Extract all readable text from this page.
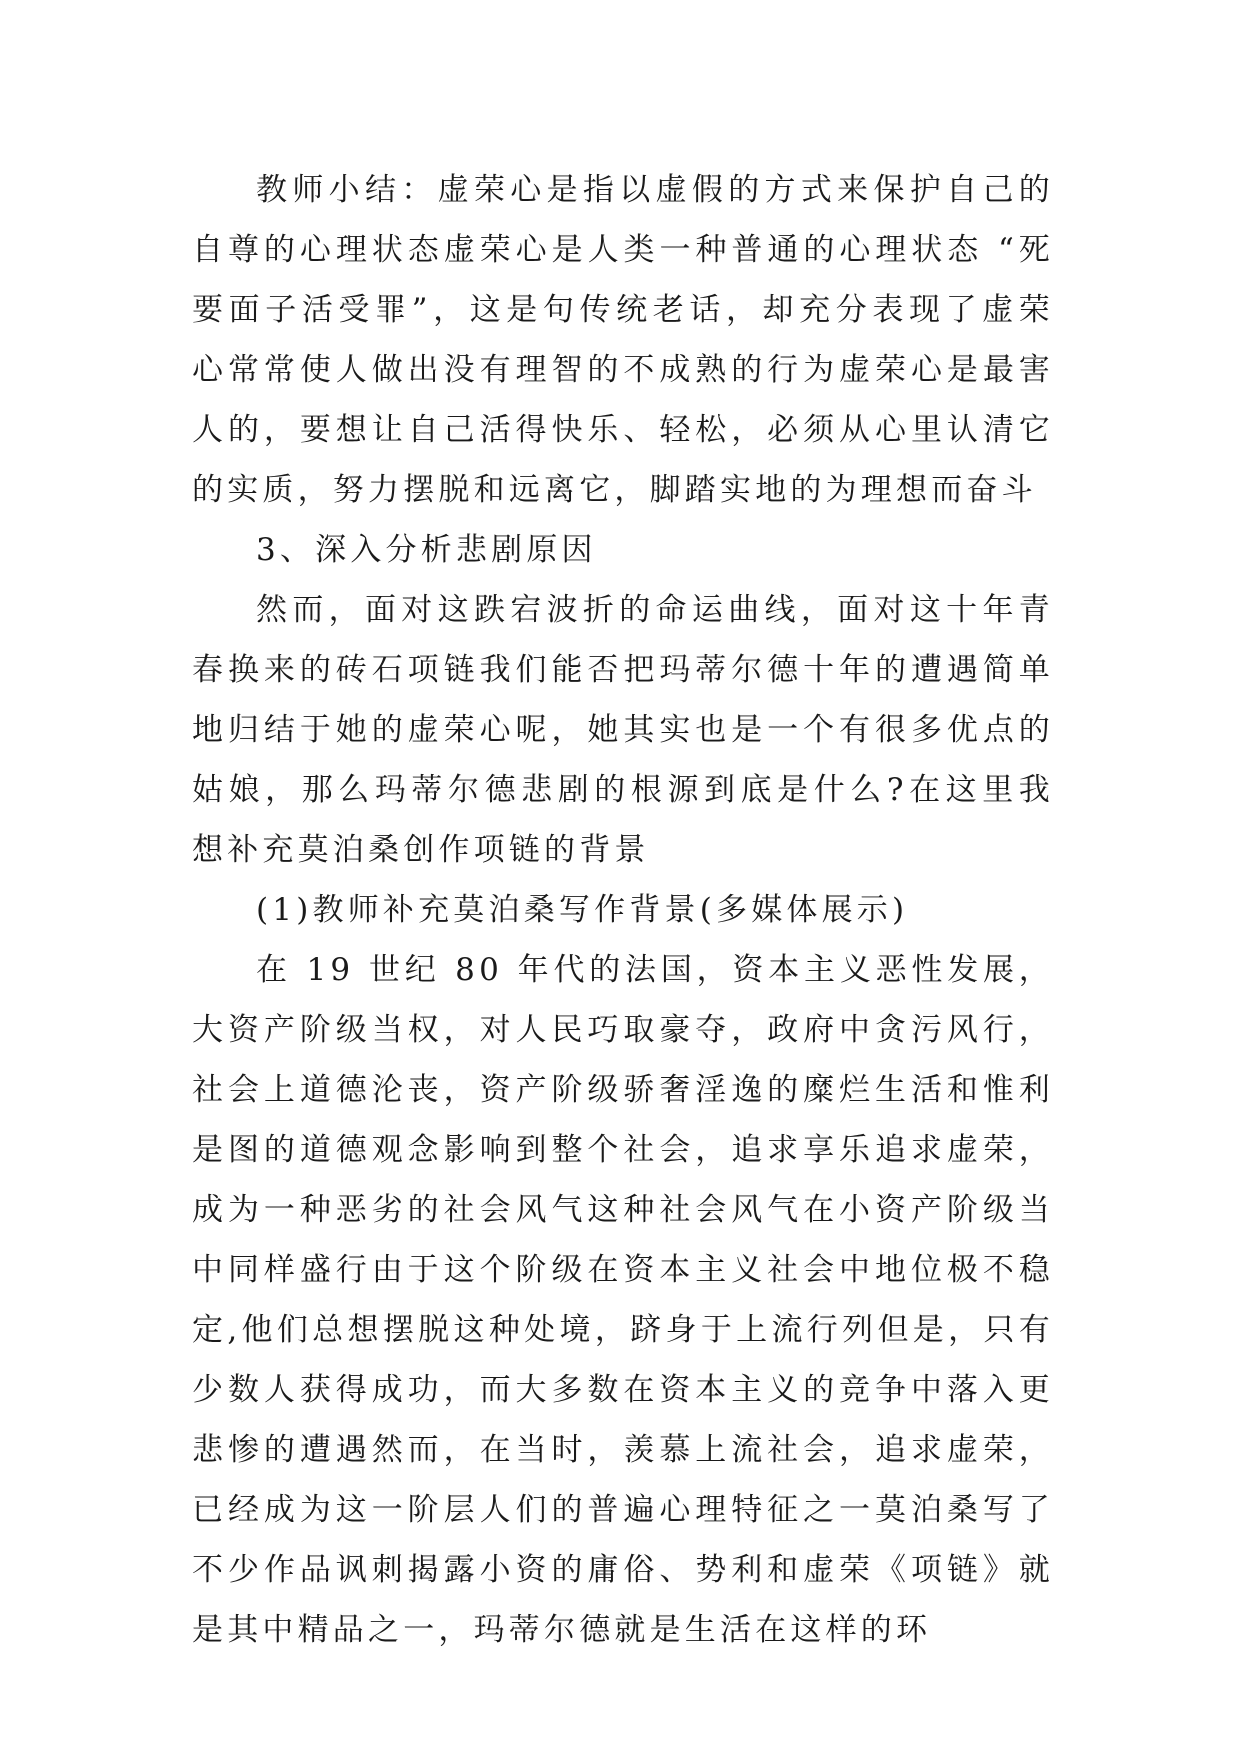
教师小结：虚荣心是指以虚假的方式来保护自己的自尊的心理状态虚荣心是人类一种普通的心理状态 “死要面子活受罪”，这是句传统老话，却充分表现了虚荣心常常使人做出没有理智的不成熟的行为虚荣心是最害人的，要想让自己活得快乐、轻松，必须从心里认清它的实质，努力摆脱和远离它，脚踏实地的为理想而奋斗

3、深入分析悲剧原因

然而，面对这跌宕波折的命运曲线，面对这十年青春换来的砖石项链我们能否把玛蒂尔德十年的遭遇简单地归结于她的虚荣心呢，她其实也是一个有很多优点的姑娘，那么玛蒂尔德悲剧的根源到底是什么?在这里我想补充莫泊桑创作项链的背景

(1)教师补充莫泊桑写作背景(多媒体展示)

在 19 世纪 80 年代的法国，资本主义恶性发展，大资产阶级当权，对人民巧取豪夺，政府中贪污风行，社会上道德沦丧，资产阶级骄奢淫逸的糜烂生活和惟利是图的道德观念影响到整个社会，追求享乐追求虚荣，成为一种恶劣的社会风气这种社会风气在小资产阶级当中同样盛行由于这个阶级在资本主义社会中地位极不稳定,他们总想摆脱这种处境，跻身于上流行列但是，只有少数人获得成功，而大多数在资本主义的竞争中落入更悲惨的遭遇然而，在当时，羡慕上流社会，追求虚荣，已经成为这一阶层人们的普遍心理特征之一莫泊桑写了不少作品讽刺揭露小资的庸俗、势利和虚荣《项链》就是其中精品之一，玛蒂尔德就是生活在这样的环
